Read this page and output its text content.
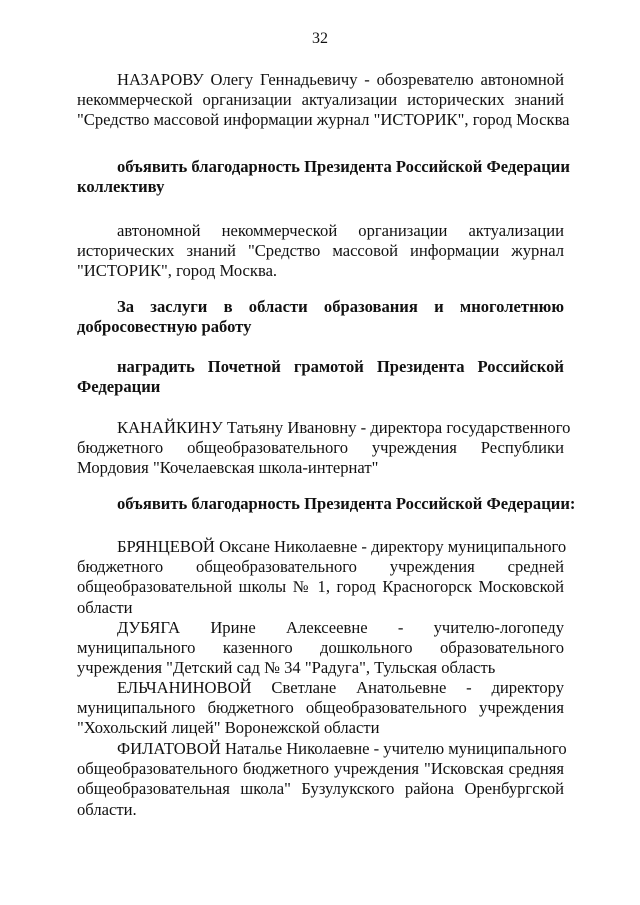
32
НАЗАРОВУ Олегу Геннадьевичу - обозревателю автономной
некоммерческой организации актуализации исторических знаний
"Средство массовой информации журнал "ИСТОРИК", город Москва
объявить благодарность Президента Российской Федерации
коллективу
автономной некоммерческой организации актуализации
исторических знаний "Средство массовой информации журнал
"ИСТОРИК", город Москва.
За заслуги в области образования и многолетнюю
добросовестную работу
наградить Почетной грамотой Президента Российской
Федерации
КАНАЙКИНУ Татьяну Ивановну - директора государственного
бюджетного общеобразовательного учреждения Республики
Мордовия "Кочелаевская школа-интернат"
объявить благодарность Президента Российской Федерации:
БРЯНЦЕВОЙ Оксане Николаевне - директору муниципального
бюджетного общеобразовательного учреждения средней
общеобразовательной школы № 1, город Красногорск Московской
области
ДУБЯГА Ирине Алексеевне - учителю-логопеду
муниципального казенного дошкольного образовательного
учреждения "Детский сад № 34 "Радуга", Тульская область
ЕЛЬЧАНИНОВОЙ Светлане Анатольевне - директору
муниципального бюджетного общеобразовательного учреждения
"Хохольский лицей" Воронежской области
ФИЛАТОВОЙ Наталье Николаевне - учителю муниципального
общеобразовательного бюджетного учреждения "Исковская средняя
общеобразовательная школа" Бузулукского района Оренбургской
области.
